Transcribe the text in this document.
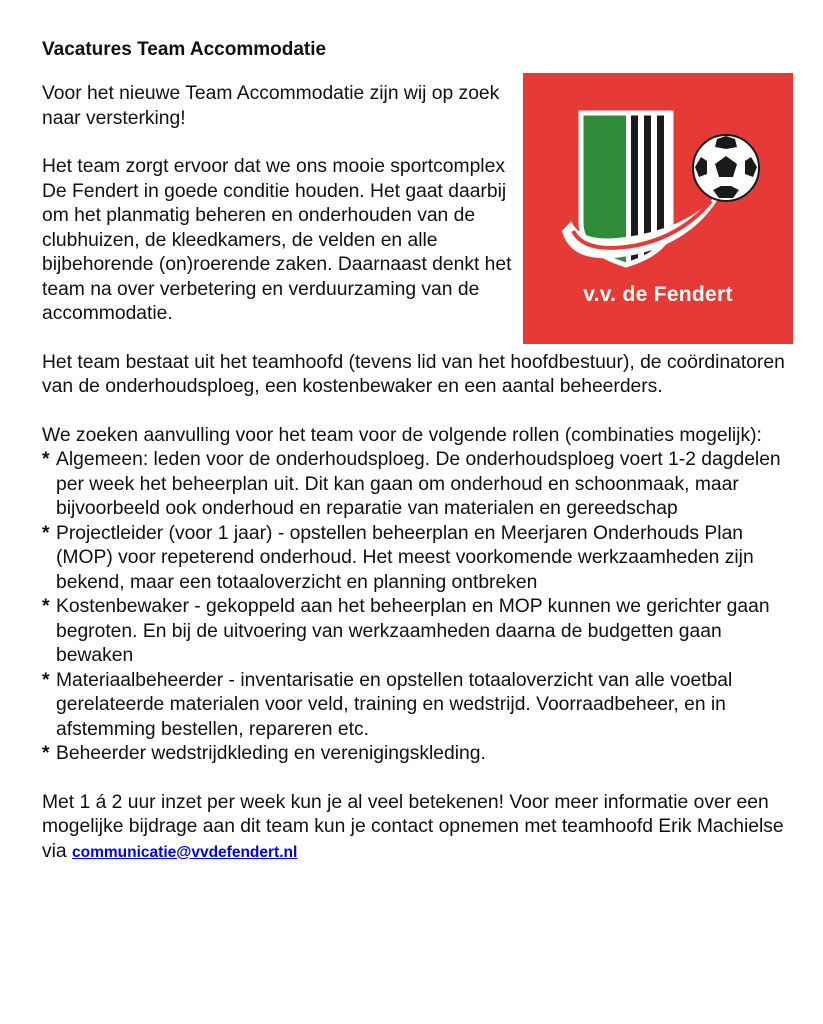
Vacatures Team Accommodatie
Voor het nieuwe Team Accommodatie zijn wij op zoek naar versterking!
Het team zorgt ervoor dat we ons mooie sportcomplex De Fendert in goede conditie houden. Het gaat daarbij om het planmatig beheren en onderhouden van de clubhuizen, de kleedkamers, de velden en alle bijbehorende (on)roerende zaken. Daarnaast denkt het team na over verbetering en verduurzaming van de accommodatie.
Het team bestaat uit het teamhoofd (tevens lid van het hoofdbestuur), de coördinatoren van de onderhoudsploeg, een kostenbewaker en een aantal beheerders.
We zoeken aanvulling voor het team voor de volgende rollen (combinaties mogelijk):
* Algemeen: leden voor de onderhoudsploeg. De onderhoudsploeg voert 1-2 dagdelen per week het beheerplan uit. Dit kan gaan om onderhoud en schoonmaak, maar bijvoorbeeld ook onderhoud en reparatie van materialen en gereedschap
* Projectleider (voor 1 jaar) - opstellen beheerplan en Meerjaren Onderhouds Plan (MOP) voor repeterend onderhoud. Het meest voorkomende werkzaamheden zijn bekend, maar een totaaloverzicht en planning ontbreken
* Kostenbewaker - gekoppeld aan het beheerplan en MOP kunnen we gerichter gaan begroten. En bij de uitvoering van werkzaamheden daarna de budgetten gaan bewaken
* Materiaalbeheerder - inventarisatie en opstellen totaaloverzicht van alle voetbal gerelateerde materialen voor veld, training en wedstrijd. Voorraadbeheer, en in afstemming bestellen, repareren etc.
* Beheerder wedstrijdkleding en verenigingskleding.
Met 1 á 2 uur inzet per week kun je al veel betekenen! Voor meer informatie over een mogelijke bijdrage aan dit team kun je contact opnemen met teamhoofd Erik Machielse via communicatie@vvdefendert.nl
v.v. de Fendert
